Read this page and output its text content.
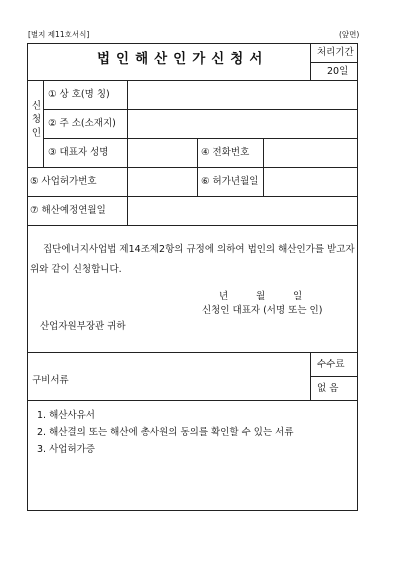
[별지 제11호서식]	(앞면)
법인해산인가신청서	처리기간
20일
신청인
① 상 호(명 칭)
② 주 소(소재지)
③ 대표자 성명	④ 전화번호
⑤ 사업허가번호	⑥ 허가년월일
⑦ 해산예정연월일
집단에너지사업법 제14조제2항의 규정에 의하여 법인의 해산인가를 받고자
위와 같이 신청합니다.
년	월	일
신청인 대표자 (서명 또는 인)
산업자원부장관 귀하
수수료
없 음
구비서류
1. 해산사유서
2. 해산결의 또는 해산에 총사원의 동의를 확인할 수 있는 서류
3. 사업허가증
